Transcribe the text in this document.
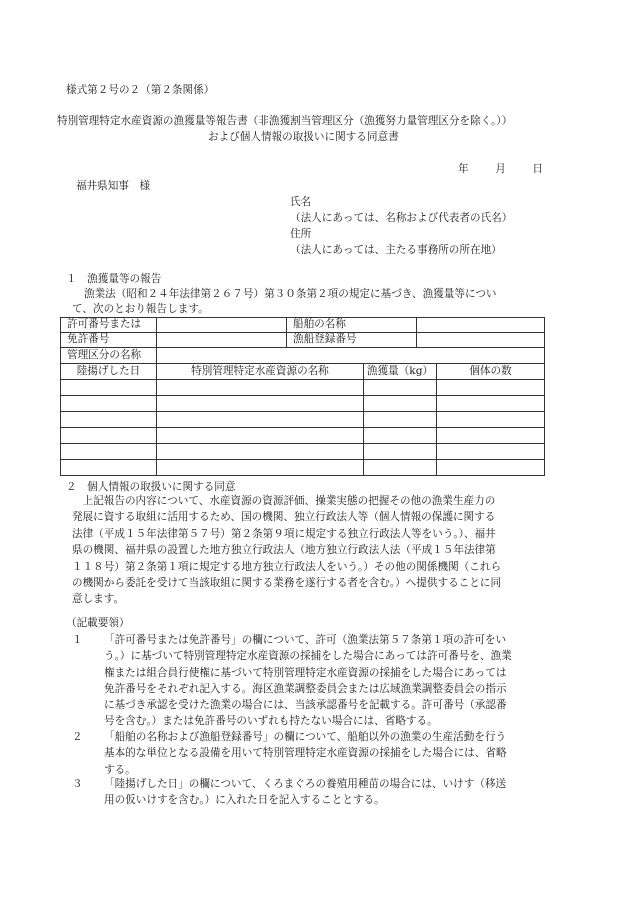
様式第２号の２（第２条関係）
特別管理特定水産資源の漁獲量等報告書（非漁獲割当管理区分（漁獲努力量管理区分を除く。））
および個人情報の取扱いに関する同意書
年	月	日
福井県知事　様
氏名
（法人にあっては、名称および代表者の氏名）
住所
（法人にあっては、主たる事務所の所在地）
１　漁獲量等の報告
漁業法（昭和２４年法律第２６７号）第３０条第２項の規定に基づき、漁獲量等につい
て、次のとおり報告します。
許可番号または		船舶の名称			
免許番号		漁船登録番号			
管理区分の名称					
陸揚げした日	特別管理特定水産資源の名称		漁獲量（kg）		個体の数

２　個人情報の取扱いに関する同意
　上記報告の内容について、水産資源の資源評価、操業実態の把握その他の漁業生産力の
発展に資する取組に活用するため、国の機関、独立行政法人等（個人情報の保護に関する
法律（平成１５年法律第５７号）第２条第９項に規定する独立行政法人等をいう。）、福井
県の機関、福井県の設置した地方独立行政法人（地方独立行政法人法（平成１５年法律第
１１８号）第２条第１項に規定する地方独立行政法人をいう。）その他の関係機関（これら
の機関から委託を受けて当該取組に関する業務を遂行する者を含む。）へ提供することに同
意します。
（記載要領）
１ 「許可番号または免許番号」の欄について、許可（漁業法第５７条第１項の許可をい
う。）に基づいて特別管理特定水産資源の採捕をした場合にあっては許可番号を、漁業
権または組合員行使権に基づいて特別管理特定水産資源の採捕をした場合にあっては
免許番号をそれぞれ記入する。海区漁業調整委員会または広域漁業調整委員会の指示
に基づき承認を受けた漁業の場合には、当該承認番号を記載する。許可番号（承認番
号を含む。）または免許番号のいずれも持たない場合には、省略する。
２ 「船舶の名称および漁船登録番号」の欄について、船舶以外の漁業の生産活動を行う
基本的な単位となる設備を用いて特別管理特定水産資源の採捕をした場合には、省略
する。
３ 「陸揚げした日」の欄について、くろまぐろの養殖用種苗の場合には、いけす（移送
用の仮いけすを含む。）に入れた日を記入することとする。
